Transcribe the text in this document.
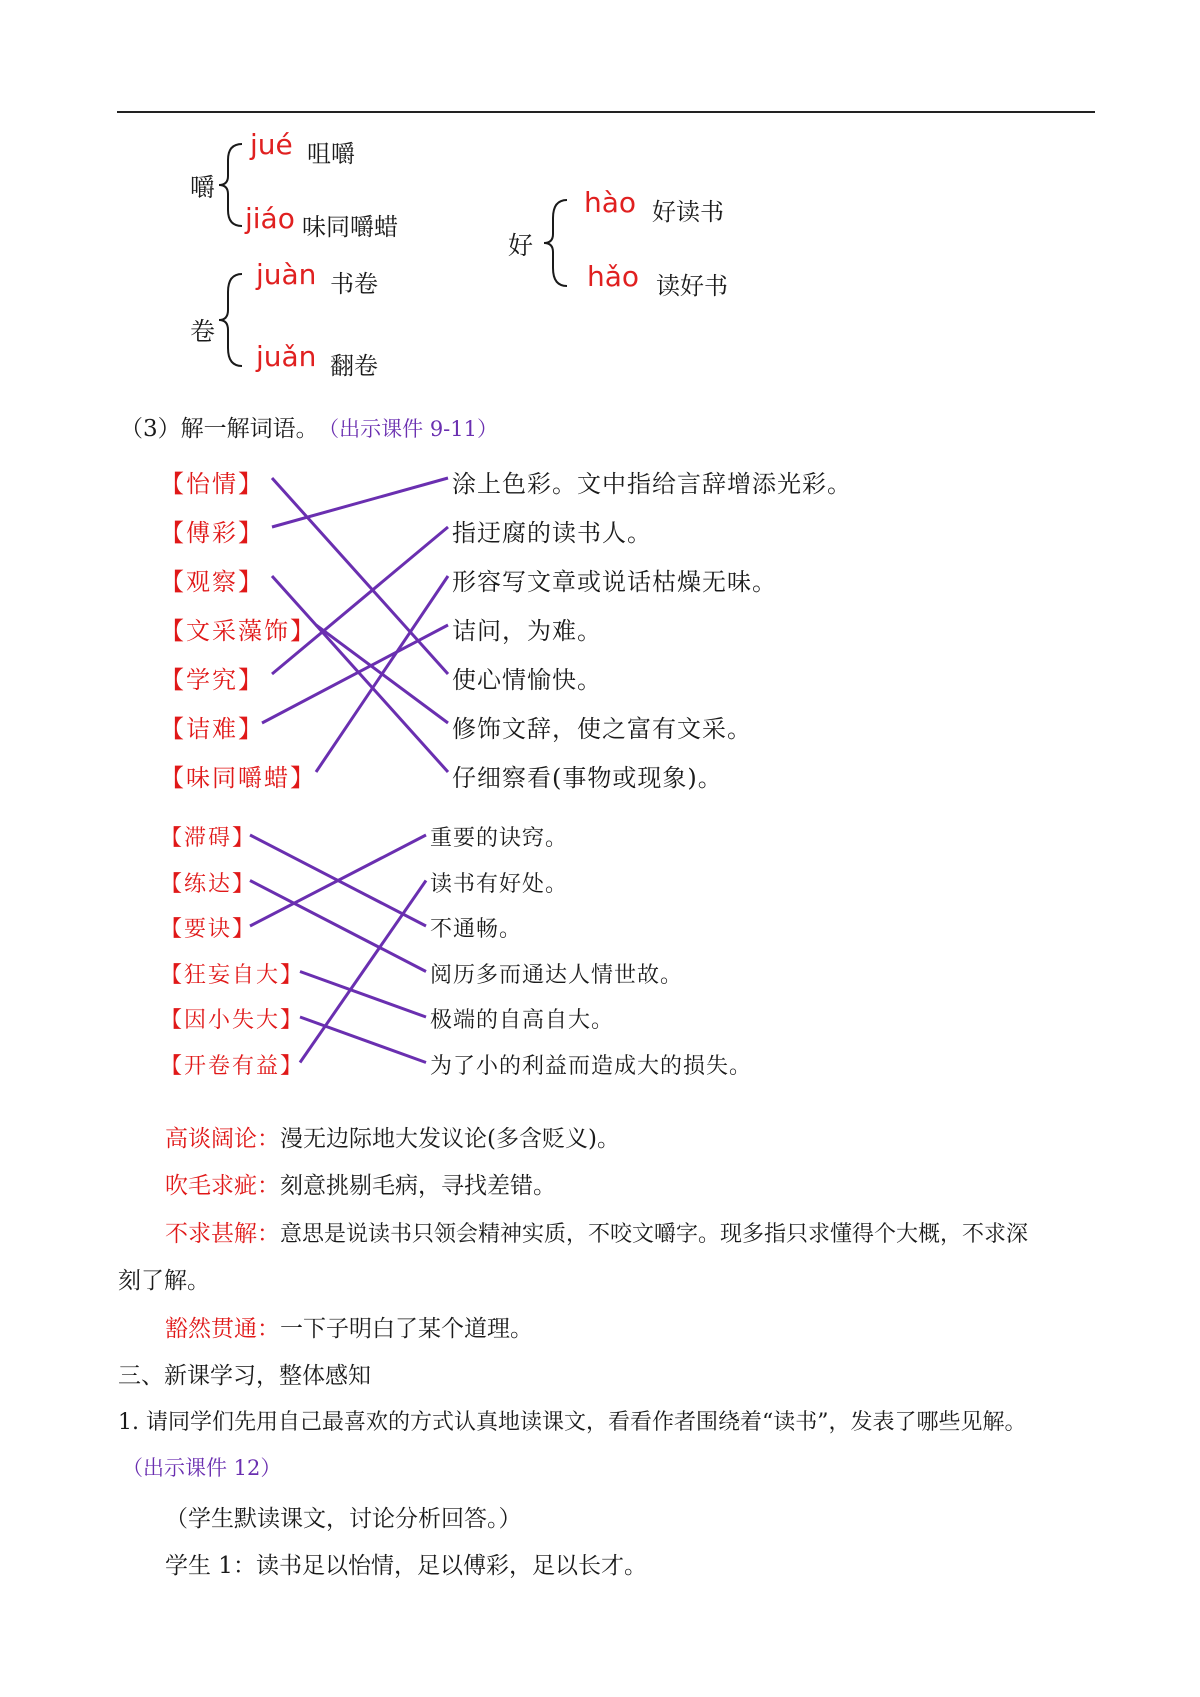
嚼
jué 咀嚼
jiáo 味同嚼蜡
卷
juàn 书卷
juǎn 翻卷
好
hào 好读书
hǎo 读好书
（3）解一解词语。 （出示课件 9-11）
【怡情】
【傅彩】
【观察】
【文采藻饰】
【学究】
【诘难】
【味同嚼蜡】
涂上色彩。文中指给言辞增添光彩。
指迂腐的读书人。
形容写文章或说话枯燥无味。
诘问，为难。
使心情愉快。
修饰文辞，使之富有文采。
仔细察看(事物或现象)。
【滞碍】
【练达】
【要诀】
【狂妄自大】
【因小失大】
【开卷有益】
重要的诀窍。
读书有好处。
不通畅。
阅历多而通达人情世故。
极端的自高自大。
为了小的利益而造成大的损失。
高谈阔论：漫无边际地大发议论(多含贬义)。
吹毛求疵：刻意挑剔毛病，寻找差错。
不求甚解：意思是说读书只领会精神实质，不咬文嚼字。现多指只求懂得个大概，不求深
刻了解。
豁然贯通：一下子明白了某个道理。
三、新课学习，整体感知
1. 请同学们先用自己最喜欢的方式认真地读课文，看看作者围绕着“读书”，发表了哪些见解。
（出示课件 12）
（学生默读课文，讨论分析回答。）
学生 1：读书足以怡情，足以傅彩，足以长才。
